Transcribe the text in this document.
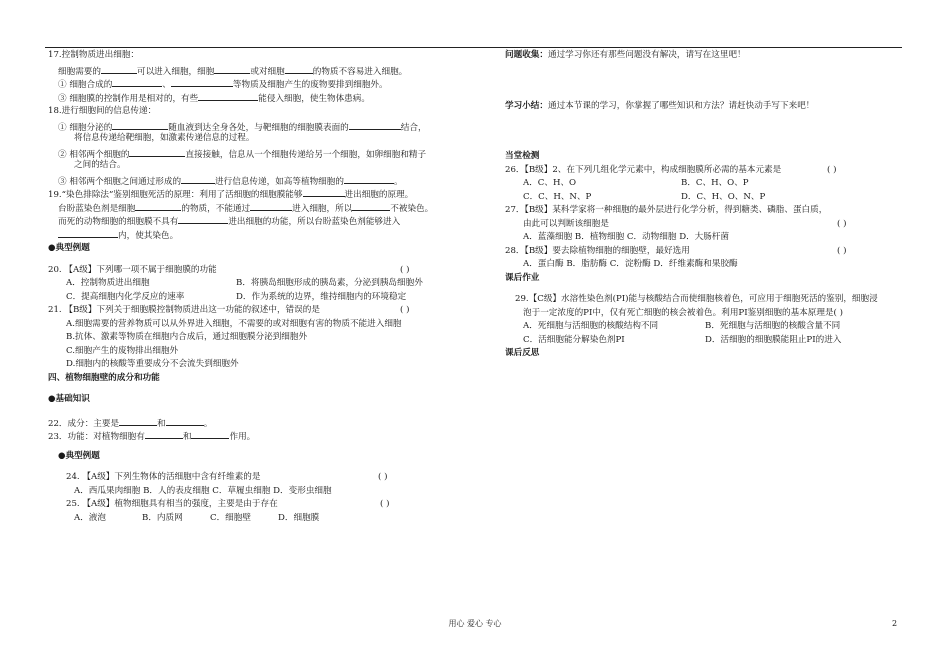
17.控制物质进出细胞：
细胞需要的	可以进入细胞，细胞	或对细胞	的物质不容易进入细胞。
① 细胞合成的	、	等物质及细胞产生的废物要排到细胞外。
③ 细胞膜的控制作用是相对的，有些	能侵入细胞，使生物体患病。
18.进行细胞间的信息传递：
① 细胞分泌的	随血液到达全身各处，与靶细胞的细胞膜表面的	结合，
将信息传递给靶细胞，如激素传递信息的过程。
② 相邻两个细胞的	直接接触，信息从一个细胞传递给另一个细胞，如卵细胞和精子
之间的结合。
③ 相邻两个细胞之间通过形成的	进行信息传递，如高等植物细胞的	。
19.“染色排除法”鉴别细胞死活的原理：利用了活细胞的细胞膜能够	进出细胞的原理。
台盼蓝染色剂是细胞	的物质，不能通过	进入细胞，所以	不被染色。
而死的动物细胞的细胞膜不具有	进出细胞的功能，所以台盼蓝染色剂能够进入
内，使其染色。
●典型例题
20. 【A级】下列哪一项不属于细胞膜的功能	( )
A．控制物质进出细胞	B．将胰岛细胞形成的胰岛素，分泌到胰岛细胞外
C．提高细胞内化学反应的速率	D．作为系统的边界，维持细胞内的环境稳定
21. 【B级】下列关于细胞膜控制物质进出这一功能的叙述中，错误的是	( )
A.细胞需要的营养物质可以从外界进入细胞，不需要的或对细胞有害的物质不能进入细胞
B.抗体、激素等物质在细胞内合成后，通过细胞膜分泌到细胞外
C.细胞产生的废物排出细胞外
D.细胞内的核酸等重要成分不会流失到细胞外
四、植物细胞壁的成分和功能
●基础知识
22．成分：主要是	和	。
23．功能：对植物细胞有	和	作用。
●典型例题
24. 【A级】下列生物体的活细胞中含有纤维素的是	( )
A．西瓜果肉细胞 B．人的表皮细胞 C．草履虫细胞 D．变形虫细胞
25. 【A级】植物细胞具有相当的强度，主要是由于存在	( )
A．液泡	B．内质网	C．细胞壁	D．细胞膜
问题收集：通过学习你还有那些问题没有解决，请写在这里吧！
学习小结：通过本节课的学习，你掌握了哪些知识和方法？请赶快动手写下来吧！
当堂检测
26．【B级】2、在下列几组化学元素中，构成细胞膜所必需的基本元素是	( )
A．C、H、O	B．C、H、O、P
C．C、H、N、P	D．C、H、O、N、P
27．【B级】某科学家将一种细胞的最外层进行化学分析，得到糖类、磷脂、蛋白质，
由此可以判断该细胞是	( )
A．蓝藻细胞 B．植物细胞 C．动物细胞 D．大肠杆菌
28．【B级】要去除植物细胞的细胞壁，最好选用	( )
A．蛋白酶 B．脂肪酶 C．淀粉酶 D．纤维素酶和果胶酶
课后作业
29.【C级】水溶性染色剂(PI)能与核酸结合而使细胞核着色，可应用于细胞死活的鉴别，细胞浸
泡于一定浓度的PI中，仅有死亡细胞的核会被着色。利用PI鉴别细胞的基本原理是( )
A．死细胞与活细胞的核酸结构不同	B．死细胞与活细胞的核酸含量不同
C．活细胞能分解染色剂PI	D．活细胞的细胞膜能阻止PI的进入
课后反思
用心 爱心 专心	2
